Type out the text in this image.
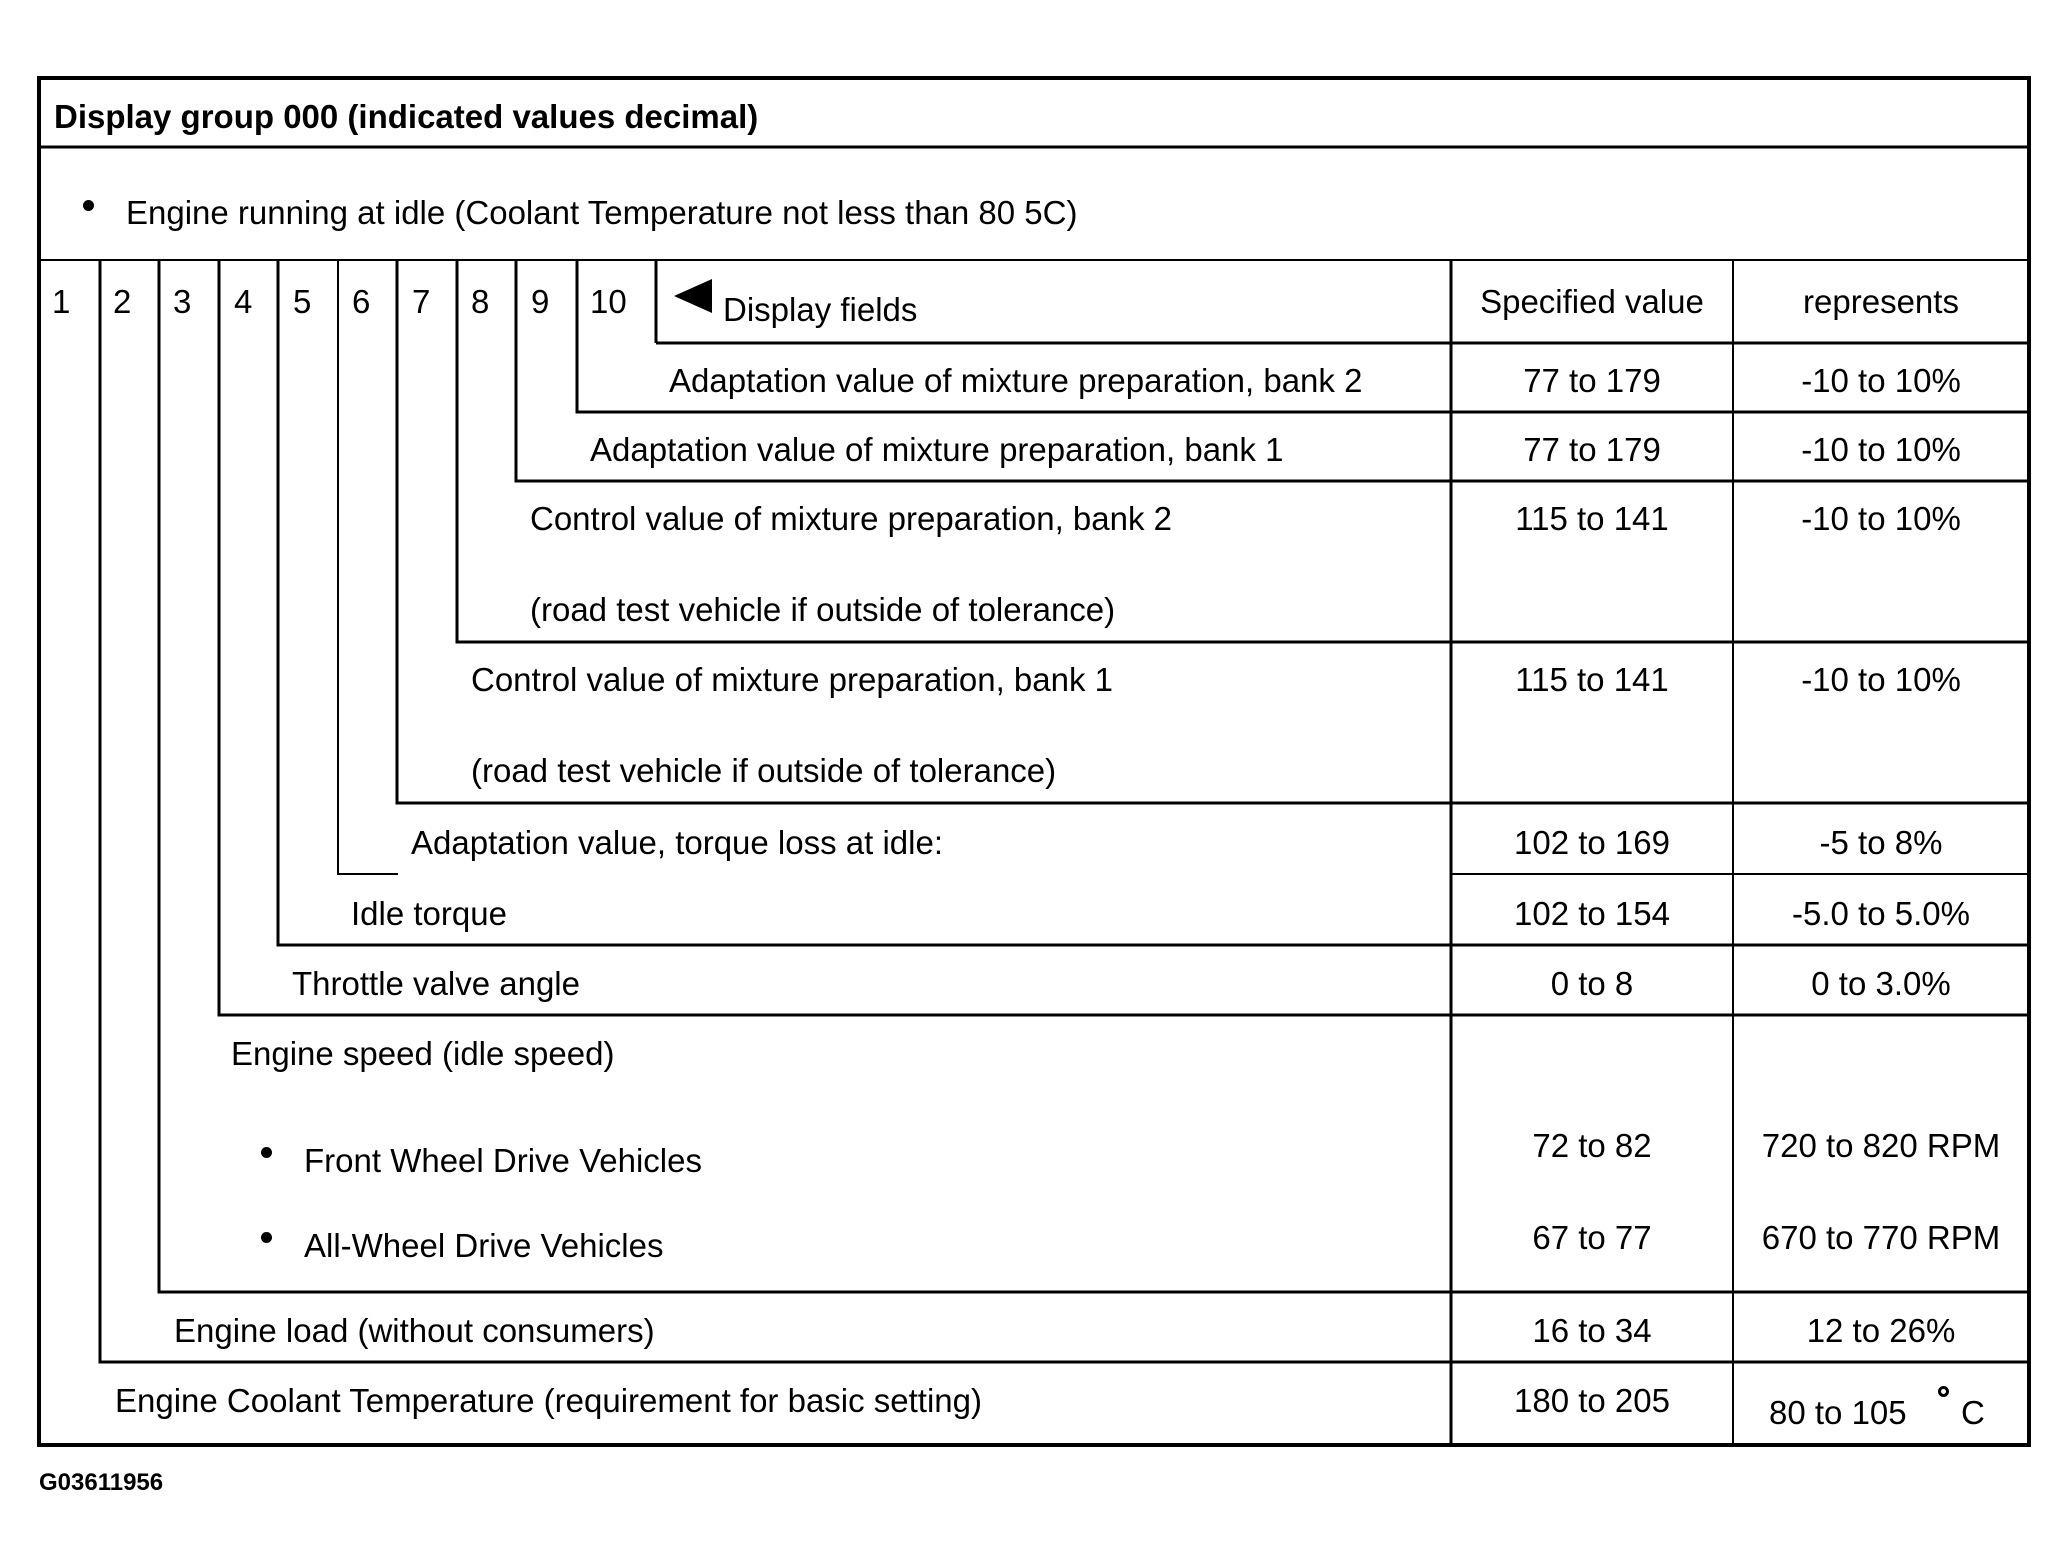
Display group 000 (indicated values decimal)
Engine running at idle (Coolant Temperature not less than 80 5C)
1 2 3 4 5 6 7 8 9 10	Display fields	Specified value	represents
Adaptation value of mixture preparation, bank 2	77 to 179	-10 to 10%
Adaptation value of mixture preparation, bank 1	77 to 179	-10 to 10%
Control value of mixture preparation, bank 2
(road test vehicle if outside of tolerance)
115 to 141	-10 to 10%
Control value of mixture preparation, bank 1
(road test vehicle if outside of tolerance)
115 to 141	-10 to 10%
Adaptation value, torque loss at idle:	102 to 169	-5 to 8%
Idle torque	102 to 154	-5.0 to 5.0%
Throttle valve angle	0 to 8	0 to 3.0%
Engine speed (idle speed)
Front Wheel Drive Vehicles	72 to 82	720 to 820 RPM
All-Wheel Drive Vehicles	67 to 77	670 to 770 RPM
Engine load (without consumers)	16 to 34	12 to 26%
Engine Coolant Temperature (requirement for basic setting)	180 to 205	80 to 105 C
G03611956
